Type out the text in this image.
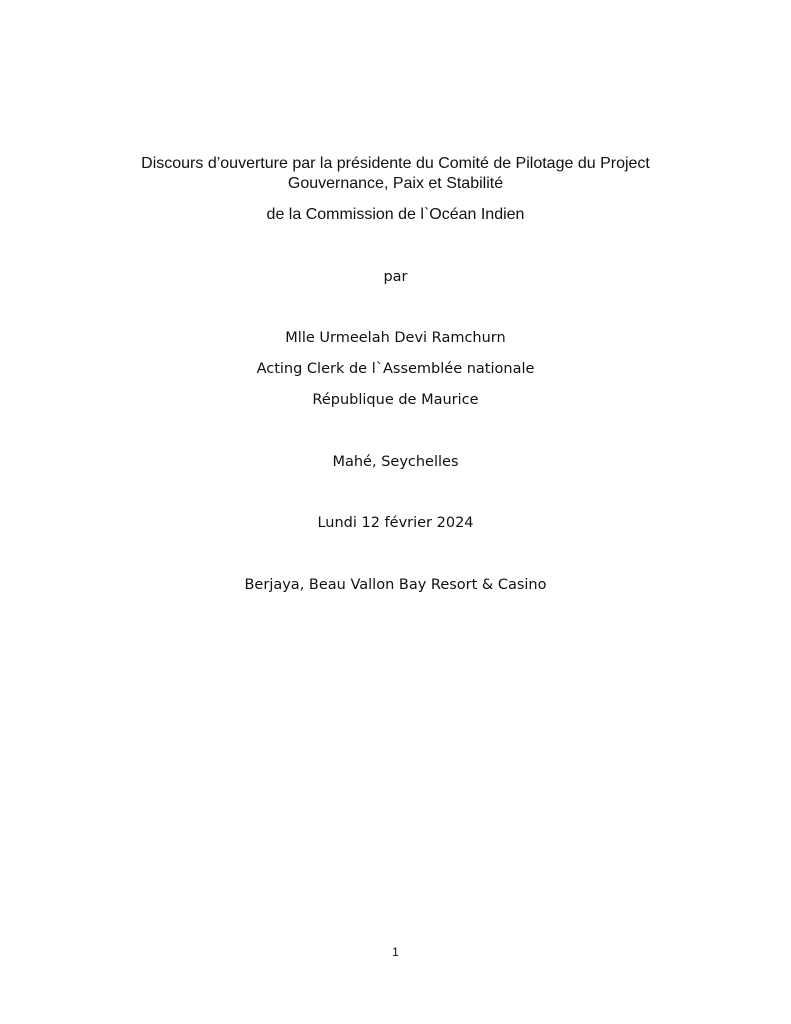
Discours d’ouverture par la présidente du Comité de Pilotage du Project
Gouvernance, Paix et Stabilité
de la Commission de l`Océan Indien
par
Mlle Urmeelah Devi Ramchurn
Acting Clerk de l`Assemblée nationale
République de Maurice
Mahé, Seychelles
Lundi 12 février 2024
Berjaya, Beau Vallon Bay Resort & Casino
1
